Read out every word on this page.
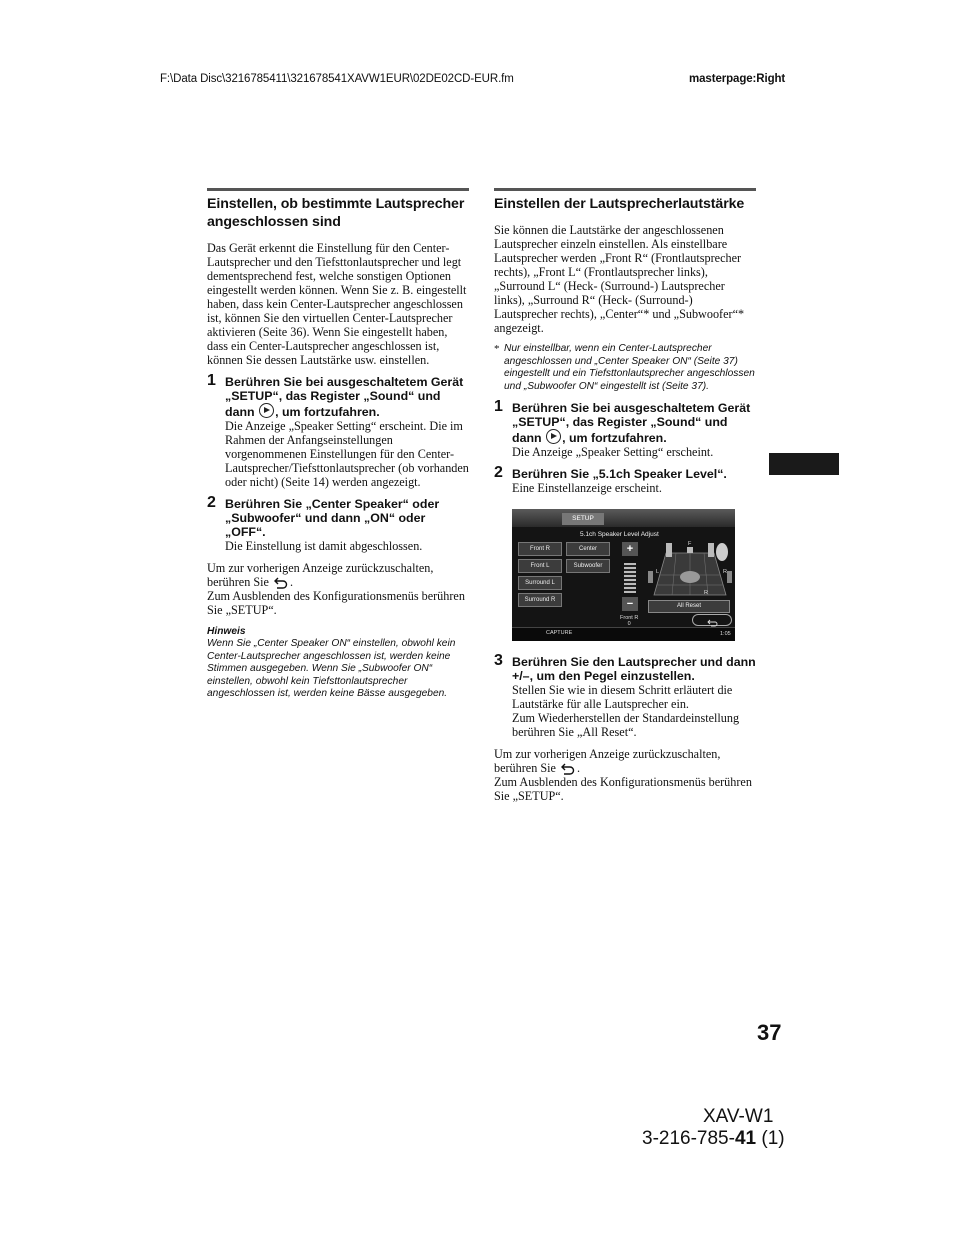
F:\Data Disc\3216785411\321678541XAVW1EUR\02DE02CD-EUR.fm	masterpage:Right
Einstellen, ob bestimmte Lautsprecher angeschlossen sind

Das Gerät erkennt die Einstellung für den Center-Lautsprecher und den Tiefsttonlautsprecher und legt dementsprechend fest, welche sonstigen Optionen eingestellt werden können. Wenn Sie z. B. eingestellt haben, dass kein Center-Lautsprecher angeschlossen ist, können Sie den virtuellen Center-Lautsprecher aktivieren (Seite 36). Wenn Sie eingestellt haben, dass ein Center-Lautsprecher angeschlossen ist, können Sie dessen Lautstärke usw. einstellen.

1 Berühren Sie bei ausgeschaltetem Gerät „SETUP“, das Register „Sound“ und dann , um fortzufahren.

Die Anzeige „Speaker Setting“ erscheint. Die im Rahmen der Anfangseinstellungen vorgenommenen Einstellungen für den Center-Lautsprecher/Tiefsttonlautsprecher (ob vorhanden oder nicht) (Seite 14) werden angezeigt.

2 Berühren Sie „Center Speaker“ oder „Subwoofer“ und dann „ON“ oder „OFF“.

Die Einstellung ist damit abgeschlossen.

Um zur vorherigen Anzeige zurückzuschalten, berühren Sie .

Zum Ausblenden des Konfigurationsmenüs berühren Sie „SETUP“.

Hinweis

Wenn Sie „Center Speaker ON“ einstellen, obwohl kein Center-Lautsprecher angeschlossen ist, werden keine Stimmen ausgegeben. Wenn Sie „Subwoofer ON“ einstellen, obwohl kein Tiefsttonlautsprecher angeschlossen ist, werden keine Bässe ausgegeben.

Einstellen der Lautsprecherlautstärke

Sie können die Lautstärke der angeschlossenen Lautsprecher einzeln einstellen. Als einstellbare Lautsprecher werden „Front R“ (Frontlautsprecher rechts), „Front L“ (Frontlautsprecher links), „Surround L“ (Heck- (Surround-) Lautsprecher links), „Surround R“ (Heck- (Surround-) Lautsprecher rechts), „Center“* und „Subwoofer“* angezeigt.

* Nur einstellbar, wenn ein Center-Lautsprecher angeschlossen und „Center Speaker ON“ (Seite 37) eingestellt und ein Tiefsttonlautsprecher angeschlossen und „Subwoofer ON“ eingestellt ist (Seite 37).

1 Berühren Sie bei ausgeschaltetem Gerät „SETUP“, das Register „Sound“ und dann , um fortzufahren.

Die Anzeige „Speaker Setting“ erscheint.

2 Berühren Sie „5.1ch Speaker Level“.

Eine Einstellanzeige erscheint.

SETUP
5.1ch Speaker Level Adjust
Front R	Center
Front L	Subwoofer
Surround L
Surround R
+
−
F
L	R
R
All Reset
Front R
0
CAPTURE	1:05
3 Berühren Sie den Lautsprecher und dann +/–, um den Pegel einzustellen.

Stellen Sie wie in diesem Schritt erläutert die Lautstärke für alle Lautsprecher ein.

Zum Wiederherstellen der Standardeinstellung berühren Sie „All Reset“.

Um zur vorherigen Anzeige zurückzuschalten, berühren Sie .

Zum Ausblenden des Konfigurationsmenüs berühren Sie „SETUP“.

37
XAV-W1
3-216-785-41 (1)
